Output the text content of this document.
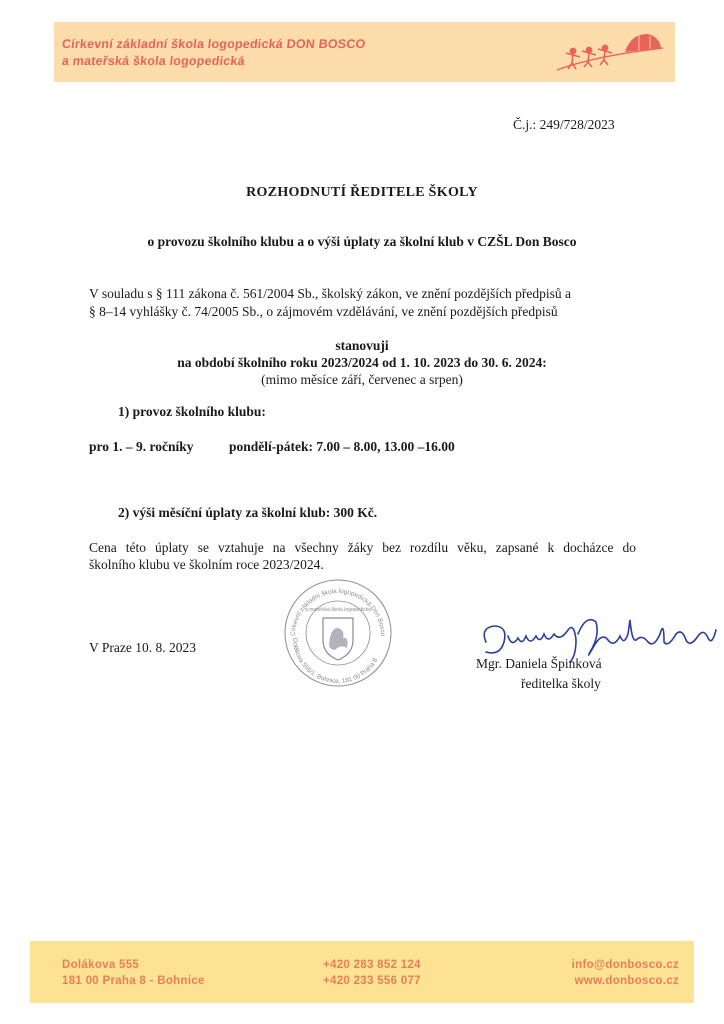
Církevní základní škola logopedická DON BOSCO
a mateřská škola logopedická
Č.j.: 249/728/2023
ROZHODNUTÍ ŘEDITELE ŠKOLY
o provozu školního klubu a o výši úplaty za školní klub v CZŠL Don Bosco
V souladu s § 111 zákona č. 561/2004 Sb., školský zákon, ve znění pozdějších předpisů a
§ 8–14 vyhlášky č. 74/2005 Sb., o zájmovém vzdělávání, ve znění pozdějších předpisů
stanovuji
na období školního roku 2023/2024 od 1. 10. 2023 do 30. 6. 2024:
(mimo měsíce září, červenec a srpen)
1) provoz školního klubu:
pro 1. – 9. ročníky	pondělí-pátek: 7.00 – 8.00, 13.00 –16.00
2) výši měsíční úplaty za školní klub: 300 Kč.
Cena této úplaty se vztahuje na všechny žáky bez rozdílu věku, zapsané k docházce do
školního klubu ve školním roce 2023/2024.
V Praze 10. 8. 2023
Církevní základní škola logopedická Don Bosco
Dolákova 555/1, Bohnice, 181 00 Praha 8
a mateřská škola logopedická
Mgr. Daniela Špinková
ředitelka školy
Dolákova 555
181 00 Praha 8 - Bohnice
+420 283 852 124
+420 233 556 077
info@donbosco.cz
www.donbosco.cz
